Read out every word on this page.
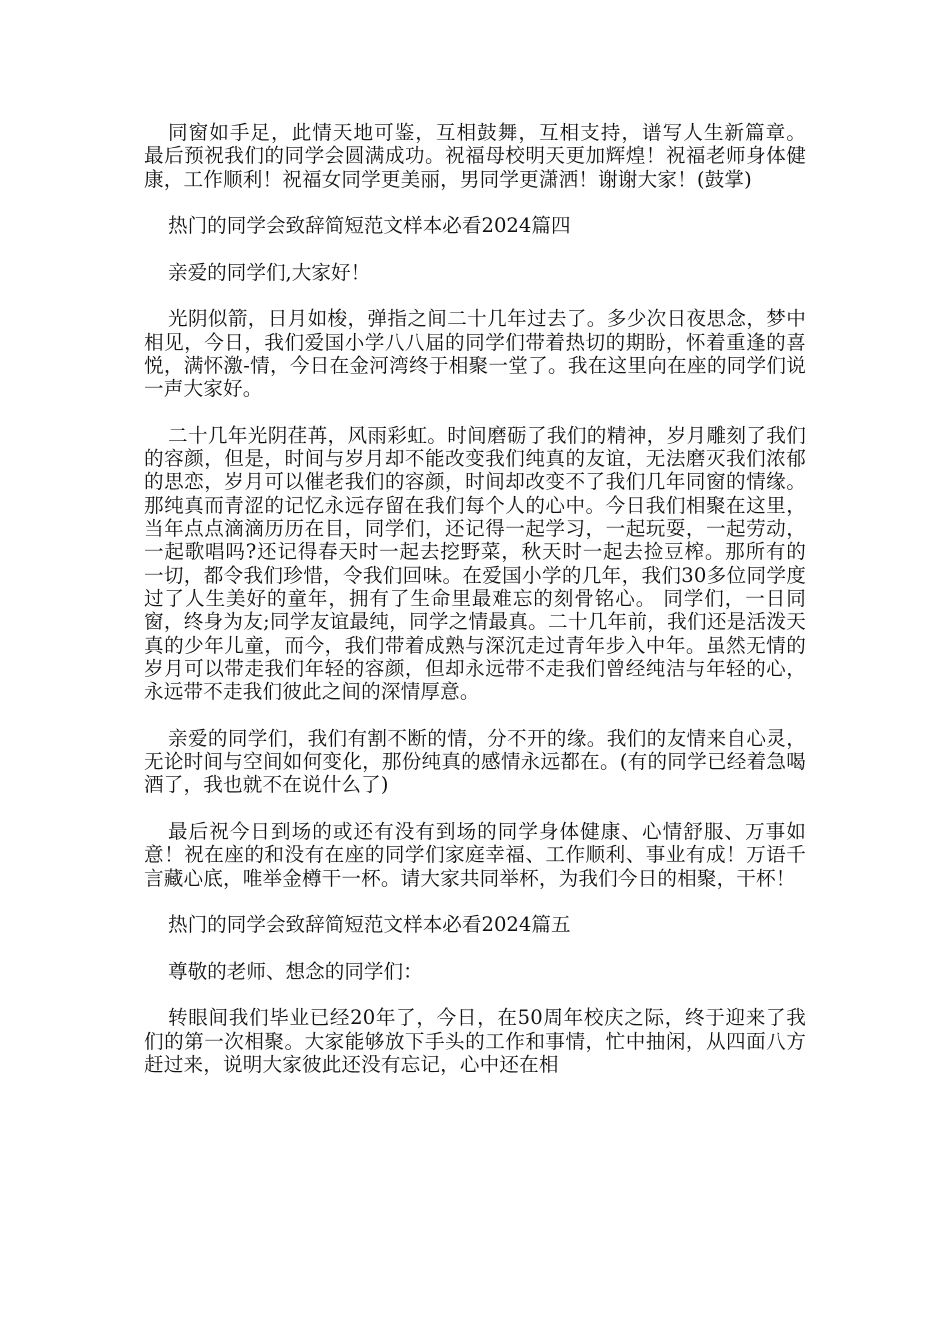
同窗如手足，此情天地可鉴，互相鼓舞，互相支持，谱写人生新篇章。 最后预祝我们的同学会圆满成功。祝福母校明天更加辉煌！祝福老师身体健康，工作顺利！祝福女同学更美丽，男同学更潇洒！谢谢大家！(鼓掌)

热门的同学会致辞简短范文样本必看2024篇四

亲爱的同学们,大家好！

光阴似箭，日月如梭，弹指之间二十几年过去了。多少次日夜思念，梦中相见，今日，我们爱国小学八八届的同学们带着热切的期盼，怀着重逢的喜悦，满怀激-情，今日在金河湾终于相聚一堂了。我在这里向在座的同学们说一声大家好。

二十几年光阴荏苒，风雨彩虹。时间磨砺了我们的精神，岁月雕刻了我们的容颜，但是，时间与岁月却不能改变我们纯真的友谊，无法磨灭我们浓郁的思恋，岁月可以催老我们的容颜，时间却改变不了我们几年同窗的情缘。那纯真而青涩的记忆永远存留在我们每个人的心中。今日我们相聚在这里，当年点点滴滴历历在目，同学们，还记得一起学习，一起玩耍，一起劳动，一起歌唱吗?还记得春天时一起去挖野菜，秋天时一起去捡豆榨。那所有的一切，都令我们珍惜，令我们回味。在爱国小学的几年，我们30多位同学度过了人生美好的童年，拥有了生命里最难忘的刻骨铭心。 同学们，一日同窗，终身为友;同学友谊最纯，同学之情最真。二十几年前，我们还是活泼天真的少年儿童，而今，我们带着成熟与深沉走过青年步入中年。虽然无情的岁月可以带走我们年轻的容颜，但却永远带不走我们曾经纯洁与年轻的心，永远带不走我们彼此之间的深情厚意。

亲爱的同学们，我们有割不断的情，分不开的缘。我们的友情来自心灵，无论时间与空间如何变化，那份纯真的感情永远都在。(有的同学已经着急喝酒了，我也就不在说什么了)

最后祝今日到场的或还有没有到场的同学身体健康、心情舒服、万事如意！祝在座的和没有在座的同学们家庭幸福、工作顺利、事业有成！万语千言藏心底，唯举金樽干一杯。请大家共同举杯，为我们今日的相聚，干杯！

热门的同学会致辞简短范文样本必看2024篇五

尊敬的老师、想念的同学们：

转眼间我们毕业已经20年了，今日，在50周年校庆之际，终于迎来了我们的第一次相聚。大家能够放下手头的工作和事情，忙中抽闲，从四面八方赶过来，说明大家彼此还没有忘记，心中还在相
